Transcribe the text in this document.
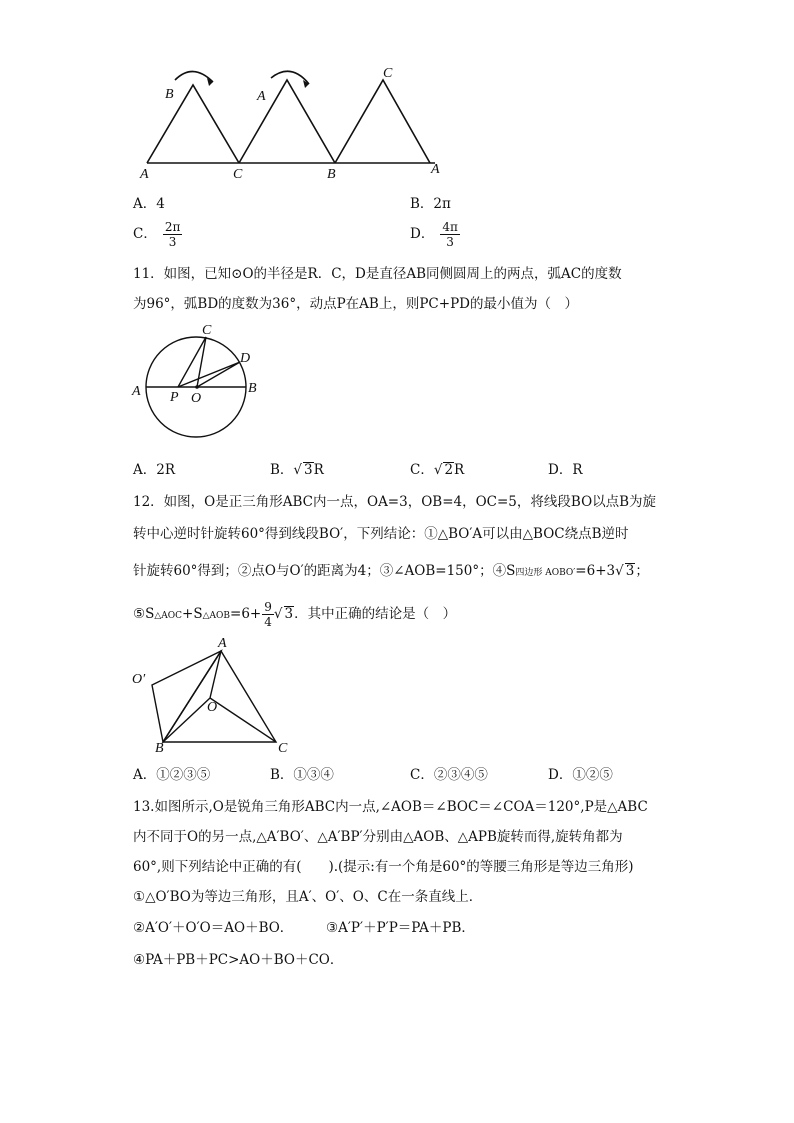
B	A
C
A	C	B	A
A．4	B．2π
C． $\frac{2\pi}{3}$	D． $\frac{4\pi}{3}$
11．如图，已知⊙O的半径是R．C，D是直径AB同侧圆周上的两点，弧AC的度数
为96°，弧BD的度数为36°，动点P在AB上，则PC+PD的最小值为（　）
A	B
C
D
P O
A．2R	B．√ 3R	C．√ 2R	D．R
12．如图，O是正三角形ABC内一点，OA=3，OB=4，OC=5，将线段BO以点B为旋
转中心逆时针旋转60°得到线段BO′，下列结论：①△BO′A可以由△BOC绕点B逆时
针旋转60°得到；②点O与O′的距离为4；③∠AOB=150°；④S四边形 AOBO′=6+3√ 3；
⑤S△AOC+S△AOB=6+ $\frac{9}{4}$ √ 3．其中正确的结论是（　）
A
O′
O
B	C
A．①②③⑤	B．①③④	C．②③④⑤	D．①②⑤
13.如图所示,O是锐角三角形ABC内一点,∠AOB＝∠BOC＝∠COA＝120°,P是△ABC
内不同于O的另一点,△A′BO′、△A′BP′分别由△AOB、△APB旋转而得,旋转角都为
60°,则下列结论中正确的有(　　).(提示:有一个角是60°的等腰三角形是等边三角形)
①△O′BO为等边三角形，且A′、O′、O、C在一条直线上．
②A′O′＋O′O＝AO＋BO． ③A′P′＋P′P＝PA＋PB．
④PA＋PB＋PC>AO＋BO＋CO．
